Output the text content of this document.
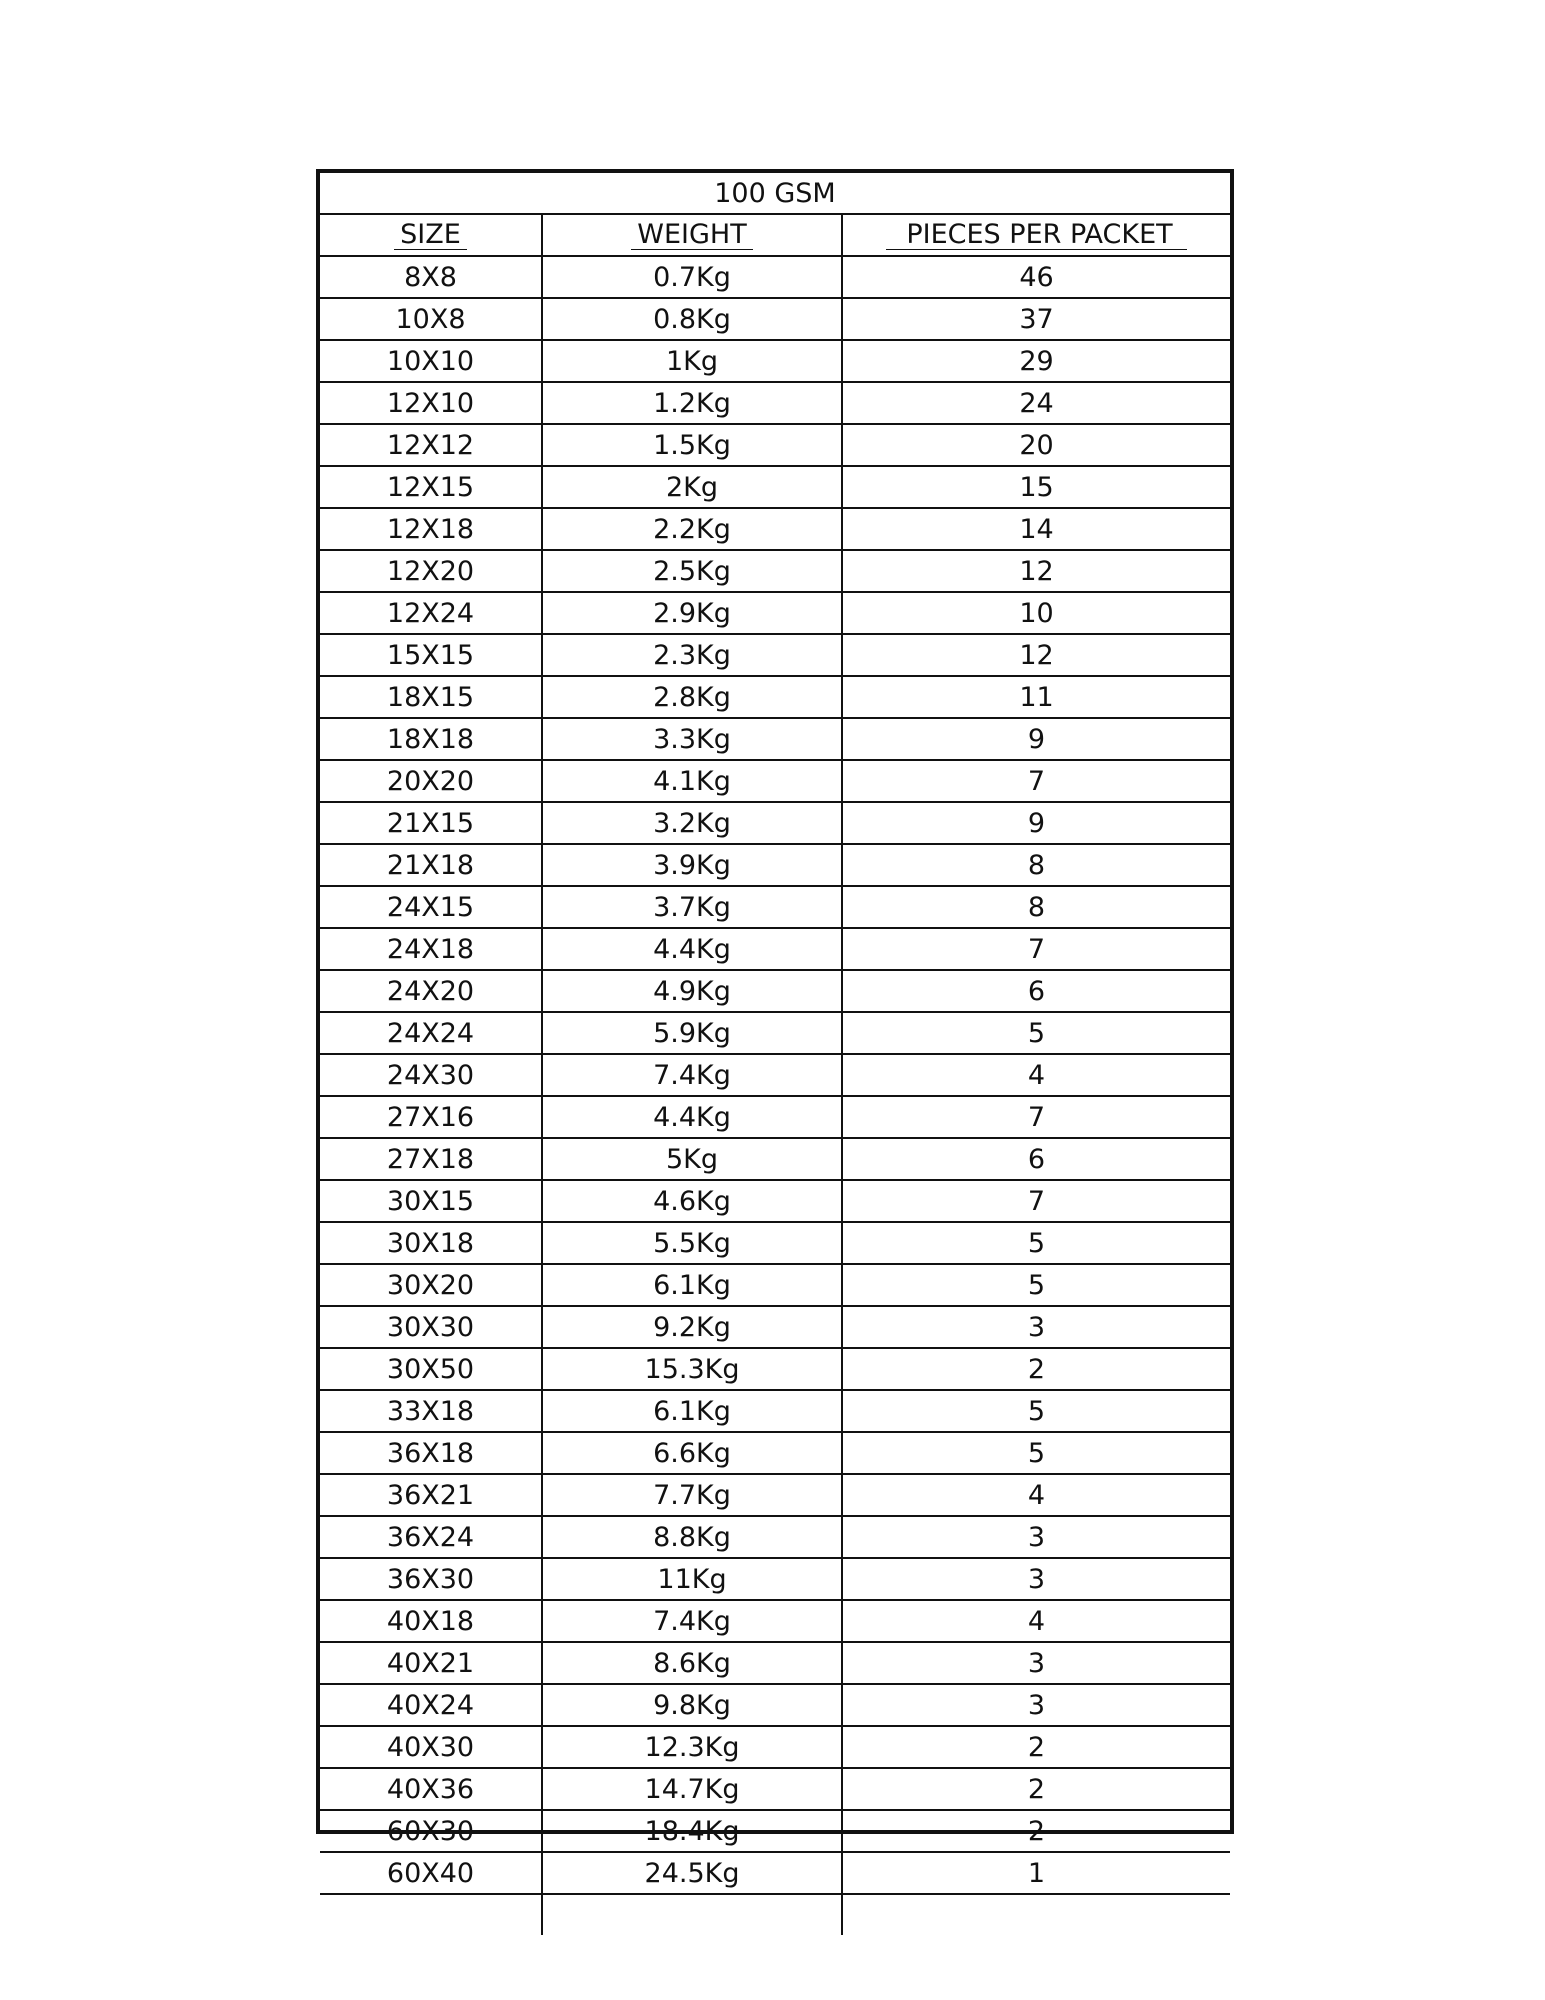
100 GSM		
SIZE	WEIGHT	PIECES PER PACKET
8X8	0.7Kg	46
10X8	0.8Kg	37
10X10	1Kg	29
12X10	1.2Kg	24
12X12	1.5Kg	20
12X15	2Kg	15
12X18	2.2Kg	14
12X20	2.5Kg	12
12X24	2.9Kg	10
15X15	2.3Kg	12
18X15	2.8Kg	11
18X18	3.3Kg	9
20X20	4.1Kg	7
21X15	3.2Kg	9
21X18	3.9Kg	8
24X15	3.7Kg	8
24X18	4.4Kg	7
24X20	4.9Kg	6
24X24	5.9Kg	5
24X30	7.4Kg	4
27X16	4.4Kg	7
27X18	5Kg	6
30X15	4.6Kg	7
30X18	5.5Kg	5
30X20	6.1Kg	5
30X30	9.2Kg	3
30X50	15.3Kg	2
33X18	6.1Kg	5
36X18	6.6Kg	5
36X21	7.7Kg	4
36X24	8.8Kg	3
36X30	11Kg	3
40X18	7.4Kg	4
40X21	8.6Kg	3
40X24	9.8Kg	3
40X30	12.3Kg	2
40X36	14.7Kg	2
60X30	18.4Kg	2
60X40	24.5Kg	1
